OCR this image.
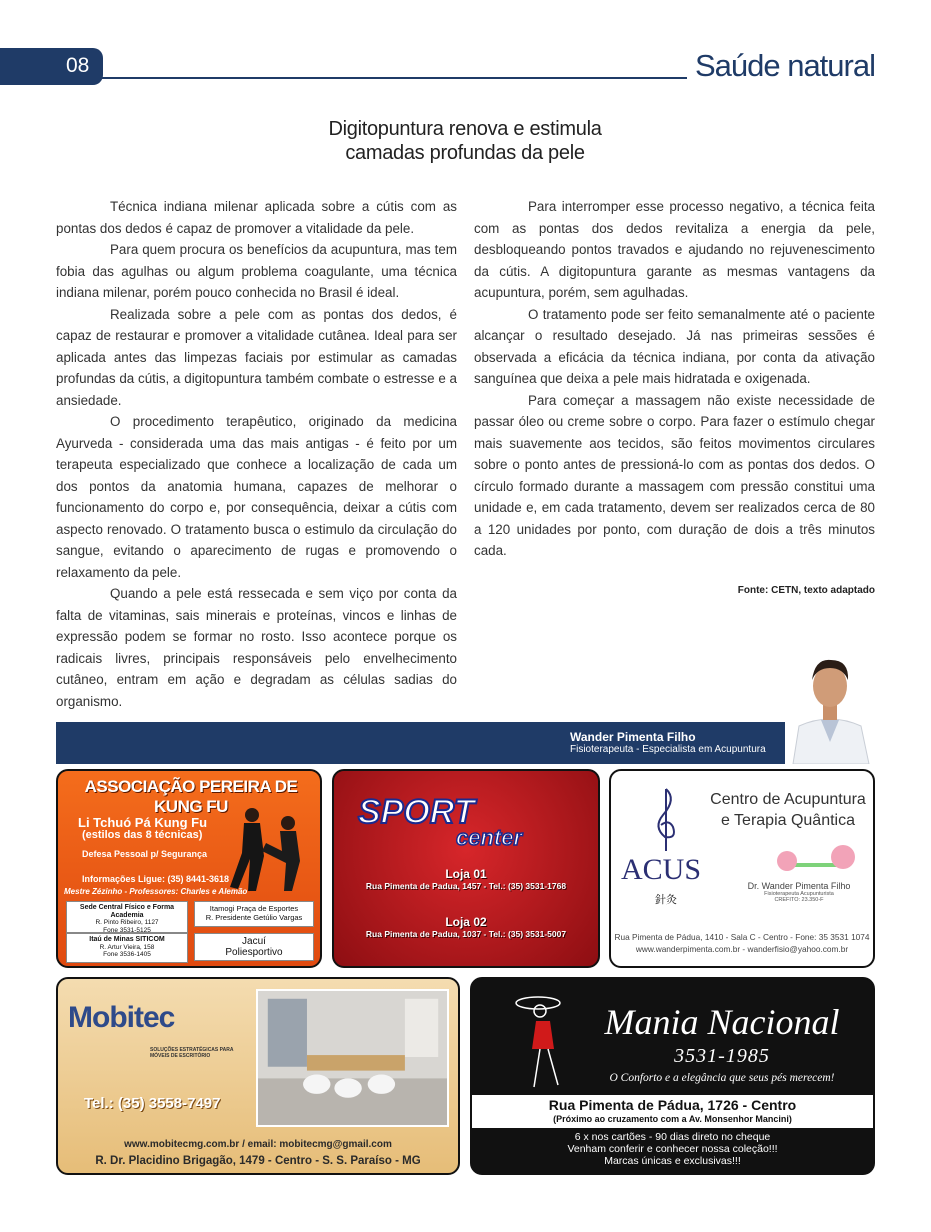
08	Saúde natural
Digitopuntura renova e estimula
camadas profundas da pele

Técnica indiana milenar aplicada sobre a cútis com as pontas dos dedos é capaz de promover a vitalidade da pele.

Para quem procura os benefícios da acupuntura, mas tem fobia das agulhas ou algum problema coagulante, uma técnica indiana milenar, porém pouco conhecida no Brasil é ideal.

Realizada sobre a pele com as pontas dos dedos, é capaz de restaurar e promover a vitalidade cutânea. Ideal para ser aplicada antes das limpezas faciais por estimular as camadas profundas da cútis, a digitopuntura também combate o estresse e a ansiedade.

O procedimento terapêutico, originado da medicina Ayurveda - considerada uma das mais antigas - é feito por um terapeuta especializado que conhece a localização de cada um dos pontos da anatomia humana, capazes de melhorar o funcionamento do corpo e, por consequência, deixar a cútis com aspecto renovado. O tratamento busca o estimulo da circulação do sangue, evitando o aparecimento de rugas e promovendo o relaxamento da pele.

Quando a pele está ressecada e sem viço por conta da falta de vitaminas, sais minerais e proteínas, vincos e linhas de expressão podem se formar no rosto. Isso acontece porque os radicais livres, principais responsáveis pelo envelhecimento cutâneo, entram em ação e degradam as células sadias do organismo.

Para interromper esse processo negativo, a técnica feita com as pontas dos dedos revitaliza a energia da pele, desbloqueando pontos travados e ajudando no rejuvenescimento da cútis. A digitopuntura garante as mesmas vantagens da acupuntura, porém, sem agulhadas.

O tratamento pode ser feito semanalmente até o paciente alcançar o resultado desejado. Já nas primeiras sessões é observada a eficácia da técnica indiana, por conta da ativação sanguínea que deixa a pele mais hidratada e oxigenada.

Para começar a massagem não existe necessidade de passar óleo ou creme sobre o corpo. Para fazer o estímulo chegar mais suavemente aos tecidos, são feitos movimentos circulares sobre o ponto antes de pressioná-lo com as pontas dos dedos. O círculo formado durante a massagem com pressão constitui uma unidade e, em cada tratamento, devem ser realizados cerca de 80 a 120 unidades por ponto, com duração de dois a três minutos cada.

Fonte: CETN, texto adaptado
Wander Pimenta Filho
Fisioterapeuta - Especialista em Acupuntura
ASSOCIAÇÃO PEREIRA DE KUNG FU
Li Tchuó Pá Kung Fu
(estilos das 8 técnicas)
Defesa Pessoal p/ Segurança
Informações Ligue: (35) 8441-3618
Mestre Zézinho - Professores: Charles e Alemão
Sede Central Físico e Forma Academia
R. Pinto Ribeiro, 1127
Fone 3531-5125
Itamogi Praça de Esportes
R. Presidente Getúlio Vargas
Itaú de Minas SITICOM
R. Artur Vieira, 158
Fone 3536-1405
Jacuí
Poliesportivo
SPORT
center
Loja 01
Rua Pimenta de Padua, 1457 - Tel.: (35) 3531-1768
Loja 02
Rua Pimenta de Padua, 1037 - Tel.: (35) 3531-5007
Centro de Acupuntura
e Terapia Quântica
ACUS
針灸
Dr. Wander Pimenta Filho
Fisioterapeuta Acupunturista
CREFITO: 23.350-F
Rua Pimenta de Pádua, 1410 - Sala C - Centro - Fone: 35 3531 1074
www.wanderpimenta.com.br - wanderfisio@yahoo.com.br
Mobitec
SOLUÇÕES ESTRATÉGICAS PARA
MÓVEIS DE ESCRITÓRIO
Tel.: (35) 3558-7497
www.mobitecmg.com.br / email: mobitecmg@gmail.com
R. Dr. Placidino Brigagão, 1479 - Centro - S. S. Paraíso - MG
Mania Nacional
3531-1985
O Conforto e a elegância que seus pés merecem!
Rua Pimenta de Pádua, 1726 - Centro
(Próximo ao cruzamento com a Av. Monsenhor Mancini)
6 x nos cartões - 90 dias direto no cheque
Venham conferir e conhecer nossa coleção!!!
Marcas únicas e exclusivas!!!
